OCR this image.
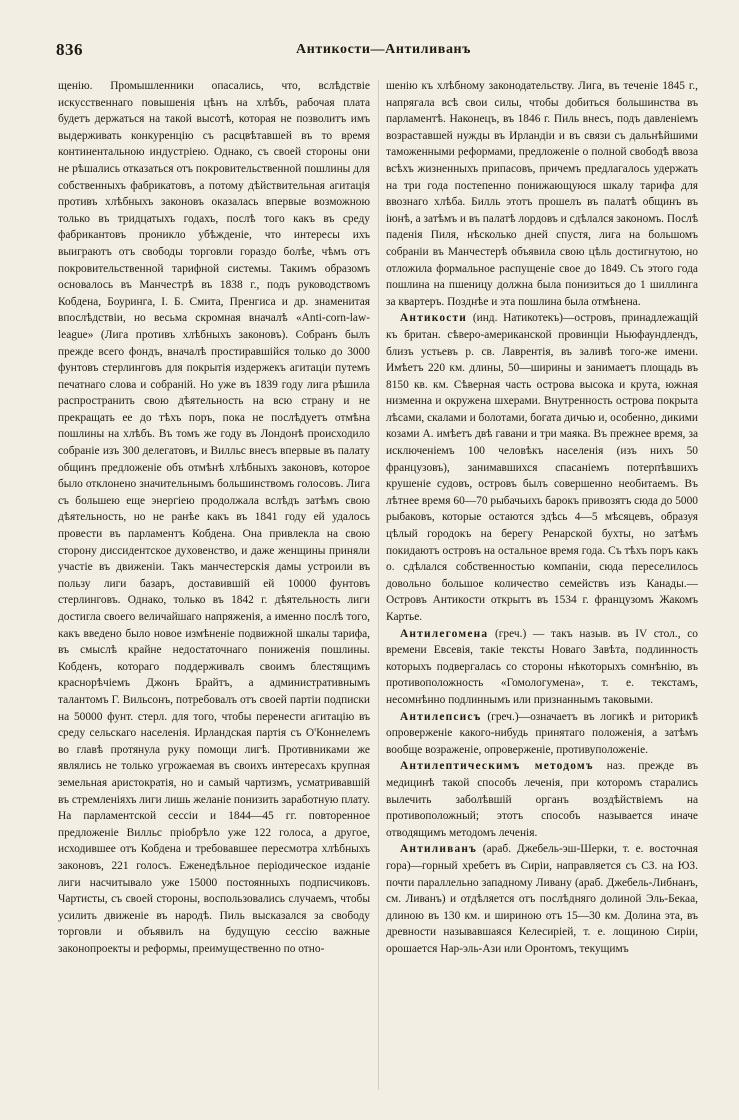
836	Антикости—Антиливанъ

щенію. Промышленники опасались, что, вслѣдствіе искусственнаго повышенія цѣнъ на хлѣбъ, рабочая плата будетъ держаться на такой высотѣ, которая не позволитъ имъ выдерживать конкуренцію съ расцвѣтавшей въ то время континентальною индустріею. Однако, съ своей стороны они не рѣшались отказаться отъ покровительственной пошлины для собственныхъ фабрикатовъ, а потому дѣйствительная агитація противъ хлѣбныхъ законовъ оказалась впервые возможною только въ тридцатыхъ годахъ, послѣ того какъ въ среду фабрикантовъ проникло убѣжденіе, что интересы ихъ выиграютъ отъ свободы торговли гораздо болѣе, чѣмъ отъ покровительственной тарифной системы. Такимъ образомъ основалось въ Манчестрѣ въ 1838 г., подъ руководствомъ Кобдена, Боуринга, I. Б. Смита, Пренгиса и др. знаменитая впослѣдствіи, но весьма скромная вначалѣ «Anti-corn-law-league» (Лига противъ хлѣбныхъ законовъ). Собранъ былъ прежде всего фондъ, вначалѣ простиравшійся только до 3000 фунтовъ стерлинговъ для покрытія издержекъ агитаціи путемъ печатнаго слова и собраній. Но уже въ 1839 году лига рѣшила распространить свою дѣятельность на всю страну и не прекращать ее до тѣхъ поръ, пока не послѣдуетъ отмѣна пошлины на хлѣбъ. Въ томъ же году въ Лондонѣ происходило собраніе изъ 300 делегатовъ, и Вилльс внесъ впервые въ палату общинъ предложеніе объ отмѣнѣ хлѣбныхъ законовъ, которое было отклонено значительнымъ большинствомъ голосовъ. Лига съ большею еще энергіею продолжала вслѣдъ затѣмъ свою дѣятельность, но не ранѣе какъ въ 1841 году ей удалось провести въ парламентъ Кобдена. Она привлекла на свою сторону диссидентское духовенство, и даже женщины приняли участіе въ движеніи. Такъ манчестерскія дамы устроили въ пользу лиги базаръ, доставившій ей 10000 фунтовъ стерлинговъ. Однако, только въ 1842 г. дѣятельность лиги достигла своего величайшаго напряженія, а именно послѣ того, какъ введено было новое измѣненіе подвижной шкалы тарифа, въ смыслѣ крайне недостаточнаго пониженія пошлины. Кобденъ, котораго поддерживалъ своимъ блестящимъ краснорѣчіемъ Джонъ Брайтъ, а административнымъ талантомъ Г. Вильсонъ, потребовалъ отъ своей партіи подписки на 50000 фунт. стерл. для того, чтобы перенести агитацію въ среду сельскаго населенія. Ирландская партія съ О'Коннелемъ во главѣ протянула руку помощи лигѣ. Противниками же являлись не только угрожаемая въ своихъ интересахъ крупная земельная аристократія, но и самый чартизмъ, усматривавшій въ стремленіяхъ лиги лишь желаніе понизить заработную плату. На парламентской сессіи и 1844—45 гг. повторенное предложеніе Вилльс пріобрѣло уже 122 голоса, а другое, исходившее отъ Кобдена и требовавшее пересмотра хлѣбныхъ законовъ, 221 голосъ. Еженедѣльное періодическое изданіе лиги насчитывало уже 15000 постоянныхъ подписчиковъ. Чартисты, съ своей стороны, воспользовались случаемъ, чтобы усилить движеніе въ народѣ. Пиль высказался за свободу торговли и объявилъ на будущую сессію важные законопроекты и реформы, преимущественно по отно-

шенію къ хлѣбному законодательству. Лига, въ теченіе 1845 г., напрягала всѣ свои силы, чтобы добиться большинства въ парламентѣ. Наконецъ, въ 1846 г. Пиль внесъ, подъ давленіемъ возраставшей нужды въ Ирландіи и въ связи съ дальнѣйшими таможенными реформами, предложеніе о полной свободѣ ввоза всѣхъ жизненныхъ припасовъ, причемъ предлагалось удержать на три года постепенно понижающуюся шкалу тарифа для ввознаго хлѣба. Билль этотъ прошелъ въ палатѣ общинъ въ іюнѣ, а затѣмъ и въ палатѣ лордовъ и сдѣлался закономъ. Послѣ паденія Пиля, нѣсколько дней спустя, лига на большомъ собраніи въ Манчестерѣ объявила свою цѣль достигнутою, но отложила формальное распущеніе свое до 1849. Съ этого года пошлина на пшеницу должна была понизиться до 1 шиллинга за квартеръ. Позднѣе и эта пошлина была отмѣнена.

Антикости (инд. Натикотекъ)—островъ, принадлежащій къ британ. сѣверо-американской провинціи Ньюфаундлендъ, близъ устьевъ р. св. Лаврентія, въ заливѣ того-же имени. Имѣетъ 220 км. длины, 50—ширины и занимаетъ площадь въ 8150 кв. км. Сѣверная часть острова высока и крута, южная низменна и окружена шхерами. Внутренность острова покрыта лѣсами, скалами и болотами, богата дичью и, особенно, дикими козами А. имѣетъ двѣ гавани и три маяка. Въ прежнее время, за исключеніемъ 100 человѣкъ населенія (изъ нихъ 50 французовъ), занимавшихся спасаніемъ потерпѣвшихъ крушеніе судовъ, островъ былъ совершенно необитаемъ. Въ лѣтнее время 60—70 рыбачьихъ барокъ привозятъ сюда до 5000 рыбаковъ, которые остаются здѣсь 4—5 мѣсяцевъ, образуя цѣлый городокъ на берегу Ренарской бухты, но затѣмъ покидаютъ островъ на остальное время года. Съ тѣхъ поръ какъ о. сдѣлался собственностью компаніи, сюда переселилось довольно большое количество семействъ изъ Канады.—Островъ Антикости открытъ въ 1534 г. французомъ Жакомъ Картье.

Антилегомена (греч.) — такъ назыв. въ IV стол., со времени Евсевія, такіе тексты Новаго Завѣта, подлинность которыхъ подвергалась со стороны нѣкоторыхъ сомнѣнію, въ противоположность «Гомологумена», т. е. текстамъ, несомнѣнно подлиннымъ или признаннымъ таковыми.

Антилепсисъ (греч.)—означаетъ въ логикѣ и риторикѣ опроверженіе какого-нибудь принятаго положенія, а затѣмъ вообще возраженіе, опроверженіе, противуположеніе.

Антилептическимъ методомъ наз. прежде въ медицинѣ такой способъ леченія, при которомъ старались вылечить заболѣвшій органъ воздѣйствіемъ на противоположный; этотъ способъ называется иначе отводящимъ методомъ леченія.

Антиливанъ (араб. Джебель-эш-Шерки, т. е. восточная гора)—горный хребетъ въ Сиріи, направляется съ СЗ. на ЮЗ. почти параллельно западному Ливану (араб. Джебель-Либнанъ, см. Ливанъ) и отдѣляется отъ послѣдняго долиной Эль-Бекаа, длиною въ 130 км. и шириною отъ 15—30 км. Долина эта, въ древности называвшаяся Келесиріей, т. е. лощиною Сиріи, орошается Нар-эль-Ази или Оронтомъ, текущимъ
